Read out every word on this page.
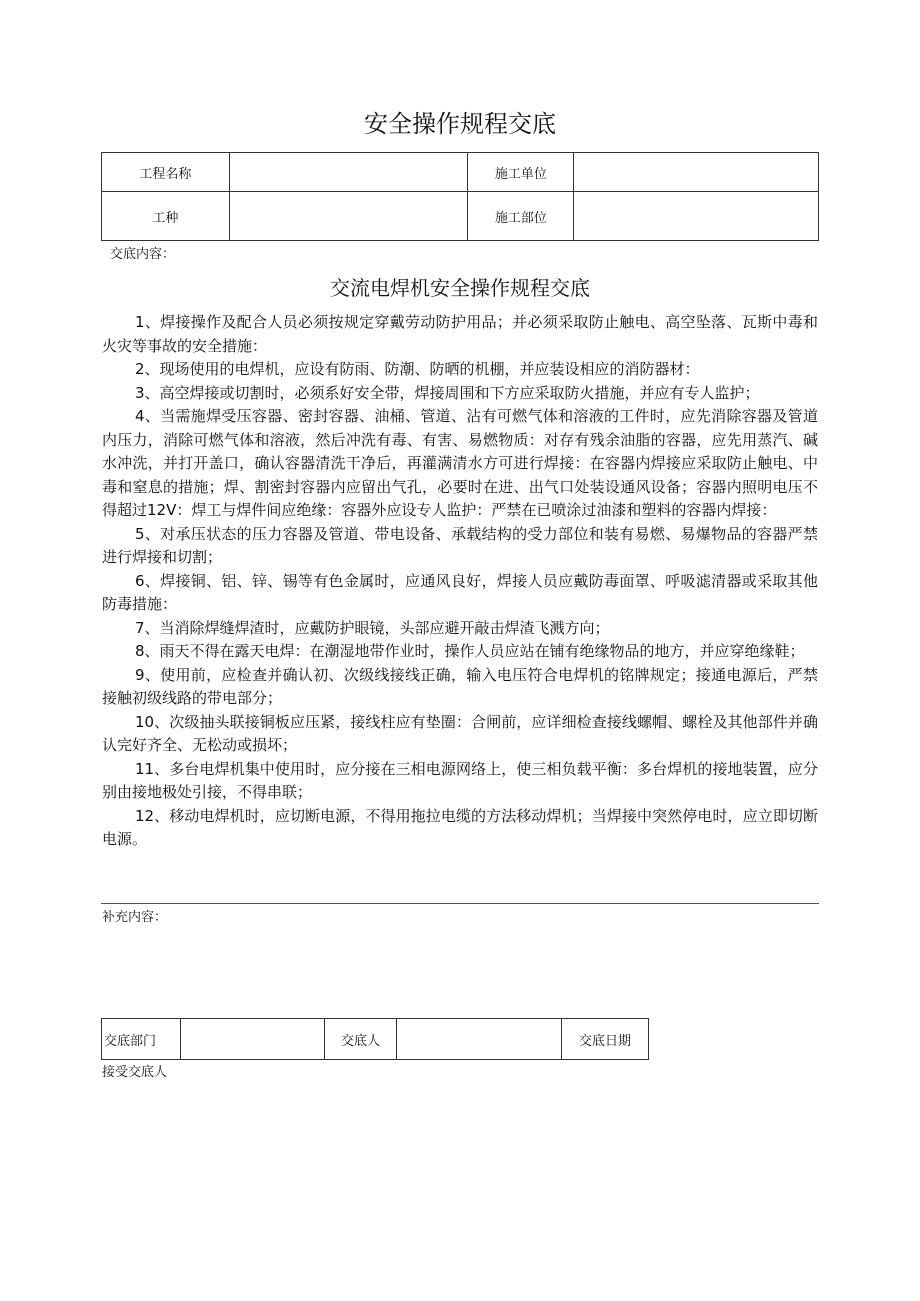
安全操作规程交底
工程名称		施工单位	
工种		施工部位	
交底内容：
交流电焊机安全操作规程交底

1、焊接操作及配合人员必须按规定穿戴劳动防护用品；并必须采取防止触电、高空坠落、瓦斯中毒和火灾等事故的安全措施：

2、现场使用的电焊机，应设有防雨、防潮、防晒的机棚，并应装设相应的消防器材：

3、高空焊接或切割时，必须系好安全带，焊接周围和下方应采取防火措施，并应有专人监护；

4、当需施焊受压容器、密封容器、油桶、管道、沾有可燃气体和溶液的工件时，应先消除容器及管道内压力，消除可燃气体和溶液，然后冲洗有毒、有害、易燃物质：对存有残余油脂的容器，应先用蒸汽、碱水冲洗，并打开盖口，确认容器清洗干净后，再灌满清水方可进行焊接：在容器内焊接应采取防止触电、中毒和窒息的措施；焊、割密封容器内应留出气孔，必要时在进、出气口处装设通风设备；容器内照明电压不得超过12V：焊工与焊件间应绝缘：容器外应设专人监护：严禁在已喷涂过油漆和塑料的容器内焊接：

5、对承压状态的压力容器及管道、带电设备、承载结构的受力部位和装有易燃、易爆物品的容器严禁进行焊接和切割；

6、焊接铜、铝、锌、锡等有色金属时，应通风良好，焊接人员应戴防毒面罩、呼吸滤清器或采取其他防毒措施：

7、当消除焊缝焊渣时，应戴防护眼镜，头部应避开敲击焊渣飞溅方向；

8、雨天不得在露天电焊：在潮湿地带作业时，操作人员应站在铺有绝缘物品的地方，并应穿绝缘鞋；

9、使用前，应检查并确认初、次级线接线正确，输入电压符合电焊机的铭牌规定；接通电源后，严禁接触初级线路的带电部分；

10、次级抽头联接铜板应压紧，接线柱应有垫圈：合闸前，应详细检查接线螺帽、螺栓及其他部件并确认完好齐全、无松动或损坏；

11、多台电焊机集中使用时，应分接在三相电源网络上，使三相负载平衡：多台焊机的接地装置，应分别由接地极处引接，不得串联；

12、移动电焊机时，应切断电源，不得用拖拉电缆的方法移动焊机；当焊接中突然停电时，应立即切断电源。

补充内容：
交底部门		交底人		交底日期
接受交底人
